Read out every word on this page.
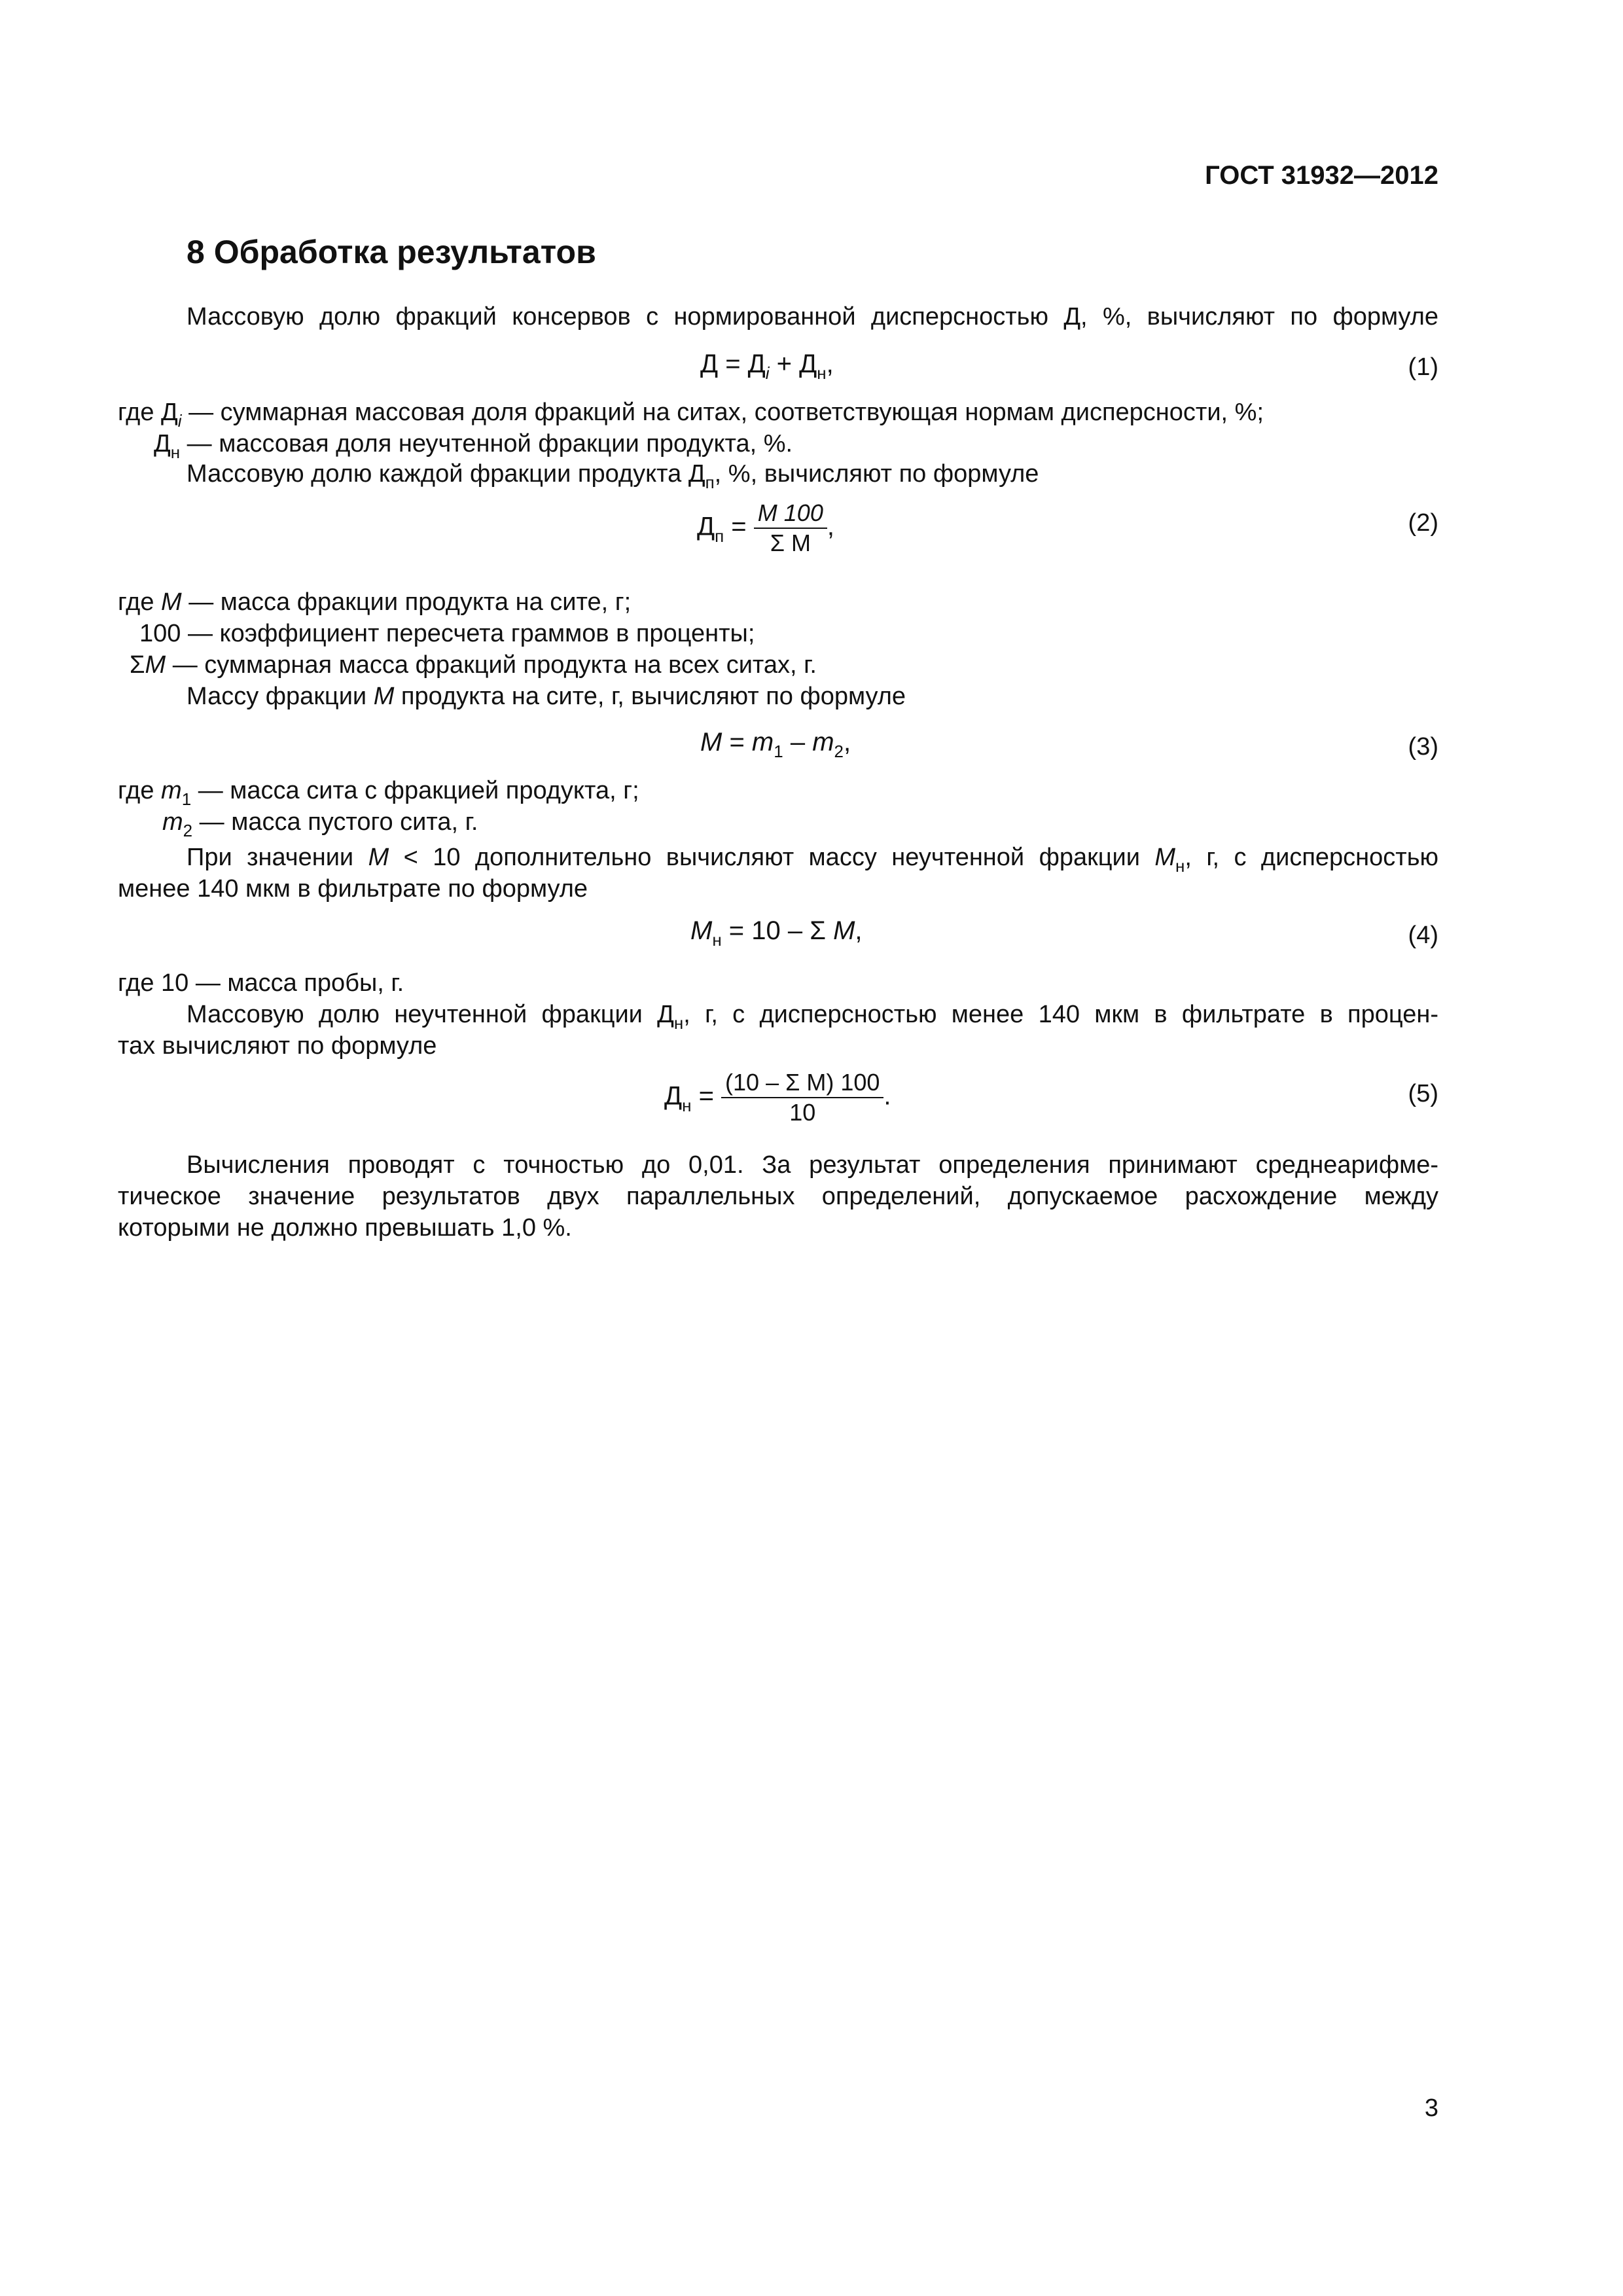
ГОСТ 31932—2012
8 Обработка результатов
Массовую долю фракций консервов с нормированной дисперсностью Д, %, вычисляют по формуле
$Д = Д_i + Д_н$,	(1)
где $Д_i$ — суммарная массовая доля фракций на ситах, соответствующая нормам дисперсности, %;
$Д_н$ — массовая доля неучтенной фракции продукта, %.
Массовую долю каждой фракции продукта $Д_п$, %, вычисляют по формуле
$Д_п = \frac{M 100}{\text{Σ M}}$ ,	(2)
где M — масса фракции продукта на сите, г;
100 — коэффициент пересчета граммов в проценты;
ΣM — суммарная масса фракций продукта на всех ситах, г.
Массу фракции M продукта на сите, г, вычисляют по формуле
$M = m_1 - m_2$,	(3)
где $m_1$ — масса сита с фракцией продукта, г;
$m_2$ — масса пустого сита, г.
При значении M < 10 дополнительно вычисляют массу неучтенной фракции $M_н$, г, с дисперсностью
менее 140 мкм в фильтрате по формуле
$M_н = 10 - \Sigma$ M,	(4)
где 10 — масса пробы, г.
Массовую долю неучтенной фракции $Д_н$, г, с дисперсностью менее 140 мкм в фильтрате в процен-
тах вычисляют по формуле
$Д_н = \frac{\text{(10 – Σ M) 100}}{10}$ .	(5)
Вычисления проводят с точностью до 0,01. За результат определения принимают среднеарифме-
тическое значение результатов двух параллельных определений, допускаемое расхождение между
которыми не должно превышать 1,0 %.
3
